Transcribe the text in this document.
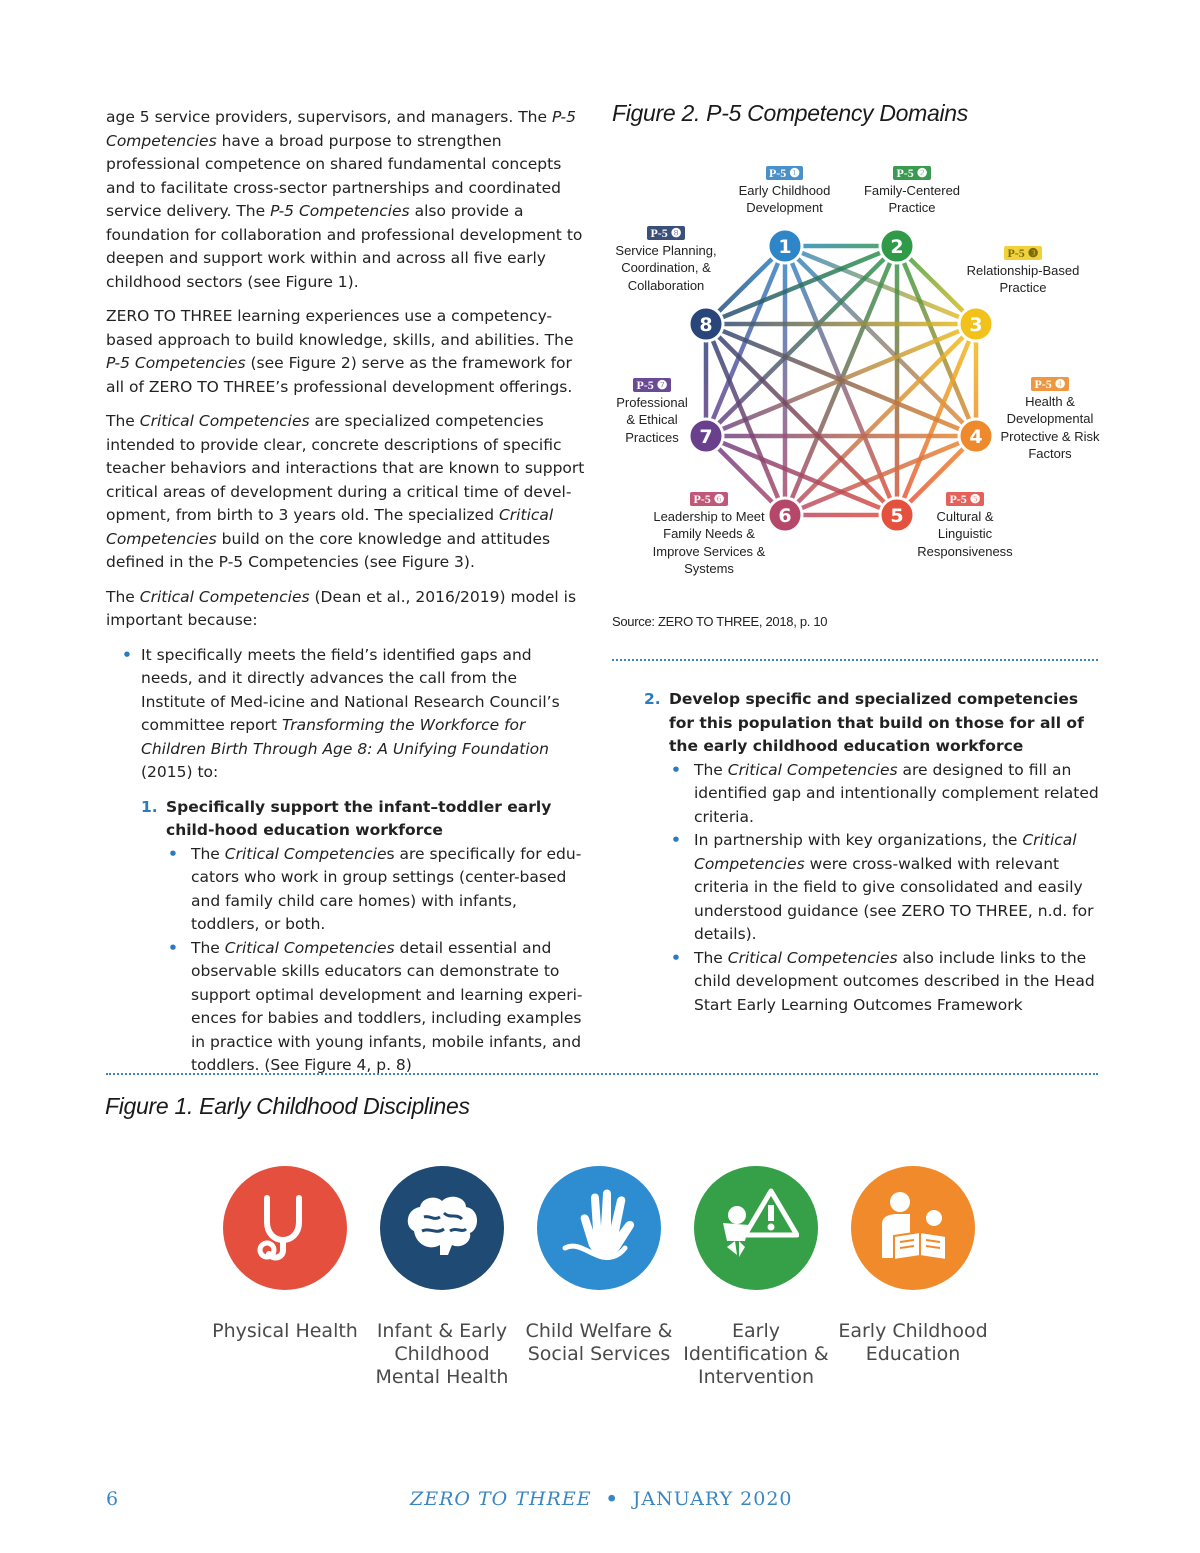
age 5 service providers, supervisors, and managers. The P-5 Competencies have a broad purpose to strengthen professional competence on shared fundamental concepts and to facilitate cross-sector partnerships and coordinated service delivery. The P-5 Competencies also provide a foundation for collaboration and professional development to deepen and support work within and across all five early childhood sectors (see Figure 1).

ZERO TO THREE learning experiences use a competency-based approach to build knowledge, skills, and abilities. The P-5 Competencies (see Figure 2) serve as the framework for all of ZERO TO THREE’s professional development offerings.

The Critical Competencies are specialized competencies intended to provide clear, concrete descriptions of specific teacher behaviors and interactions that are known to support critical areas of development during a critical time of devel-opment, from birth to 3 years old. The specialized Critical Competencies build on the core knowledge and attitudes defined in the P-5 Competencies (see Figure 3).

The Critical Competencies (Dean et al., 2016/2019) model is important because:

• It specifically meets the field’s identified gaps and needs, and it directly advances the call from the Institute of Med-icine and National Research Council’s committee report Transforming the Workforce for Children Birth Through Age 8: A Unifying Foundation (2015) to:
1. Specifically support the infant–toddler early child-hood education workforce
• The Critical Competencies are specifically for edu-cators who work in group settings (center-based and family child care homes) with infants, toddlers, or both.
• The Critical Competencies detail essential and observable skills educators can demonstrate to support optimal development and learning experi-ences for babies and toddlers, including examples in practice with young infants, mobile infants, and toddlers. (See Figure 4, p. 8)
Figure 2. P-5 Competency Domains
1	2
3
4
5
6
7
8
P-5 ❶
Early Childhood Development
P-5 ❷
Family-Centered Practice
P-5 ❸
Relationship-Based Practice
P-5 ❹
Health & Developmental Protective & Risk Factors
P-5 ❺
Cultural & Linguistic Responsiveness
P-5 ❻
Leadership to Meet Family Needs & Improve Services & Systems
P-5 ❼
Professional & Ethical Practices
P-5 ❽
Service Planning, Coordination, & Collaboration
Source: ZERO TO THREE, 2018, p. 10
2. Develop specific and specialized competencies for this population that build on those for all of the early childhood education workforce
• The Critical Competencies are designed to fill an identified gap and intentionally complement related criteria.
• In partnership with key organizations, the Critical Competencies were cross-walked with relevant criteria in the field to give consolidated and easily understood guidance (see ZERO TO THREE, n.d. for details).
• The Critical Competencies also include links to the child development outcomes described in the Head Start Early Learning Outcomes Framework
Figure 1. Early Childhood Disciplines
Physical Health Infant & Early Childhood Mental Health
Child Welfare & Social Services
Early Identification & Intervention
Early Childhood Education
6	ZERO TO THREE • JANUARY 2020
